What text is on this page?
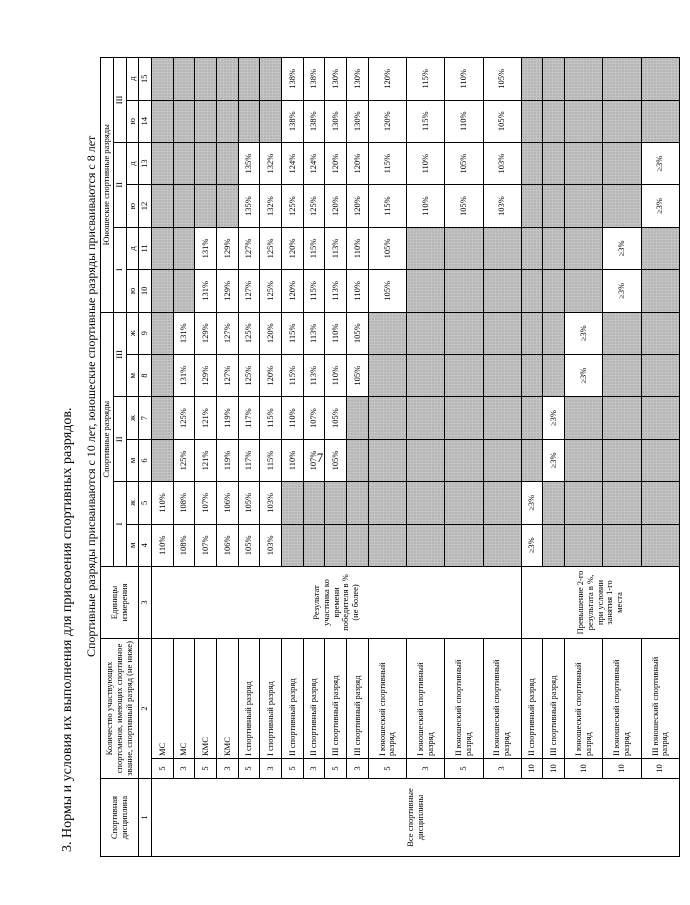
7
3. Нормы и условия их выполнения для присвоения спортивных разрядов. Спортивные разряды присваиваются с 10 лет, юношеские спортивные разряды присваиваются с 8 лет
Спортивная дисциплина	Количество участвующих спортсменов, имеющих спортивное звание, спортивный разряд (не ниже)		Единицы измерения	Спортивные разряды						Юношеские спортивные разряды					
				I		II		III		I		II		III	
				м	ж	м	ж	м	ж	ю	д	ю	д	ю	д
1	2		3	4	5	6	7	8	9	10	11	12	13	14	15
Все спортивные дисциплины	5	МС	Результат участника ко времени победителя в % (не более)	110%	110%										
	3	МС		108%	108%	125%	125%	131%	131%						
	5	КМС		107%	107%	121%	121%	129%	129%	131%	131%				
	3	КМС		106%	106%	119%	119%	127%	127%	129%	129%				
	5	I спортивный разряд		105%	105%	117%	117%	125%	125%	127%	127%	135%	135%		
	3	I спортивный разряд		103%	103%	115%	115%	120%	120%	125%	125%	132%	132%		
	5	II спортивный разряд				110%	110%	115%	115%	120%	120%	125%	124%	138%	138%
	3	II спортивный разряд				107%	107%	113%	113%	115%	115%	125%	124%	138%	138%
	5	III спортивный разряд				105%	105%	110%	110%	113%	113%	120%	120%	130%	130%
	3	III спортивный разряд						105%	105%	110%	110%	120%	120%	130%	130%
	5	I юношеский спортивный разряд								105%	105%	115%	115%	120%	120%
	3	I юношеский спортивный разряд										110%	110%	115%	115%
	5	II юношеский спортивный разряд										105%	105%	110%	110%
	3	II юношеский спортивный разряд										103%	103%	105%	105%
	10	II спортивный разряд	Превышение 2-го результата в %, при условии занятия 1-го места	≥3%	≥3%										
	10	III спортивный разряд				≥3%	≥3%								
	10	I юношеский спортивный разряд						≥3%	≥3%						
	10	II юношеский спортивный разряд								≥3%	≥3%				
	10	III юношеский спортивный разряд										≥3%	≥3%		
